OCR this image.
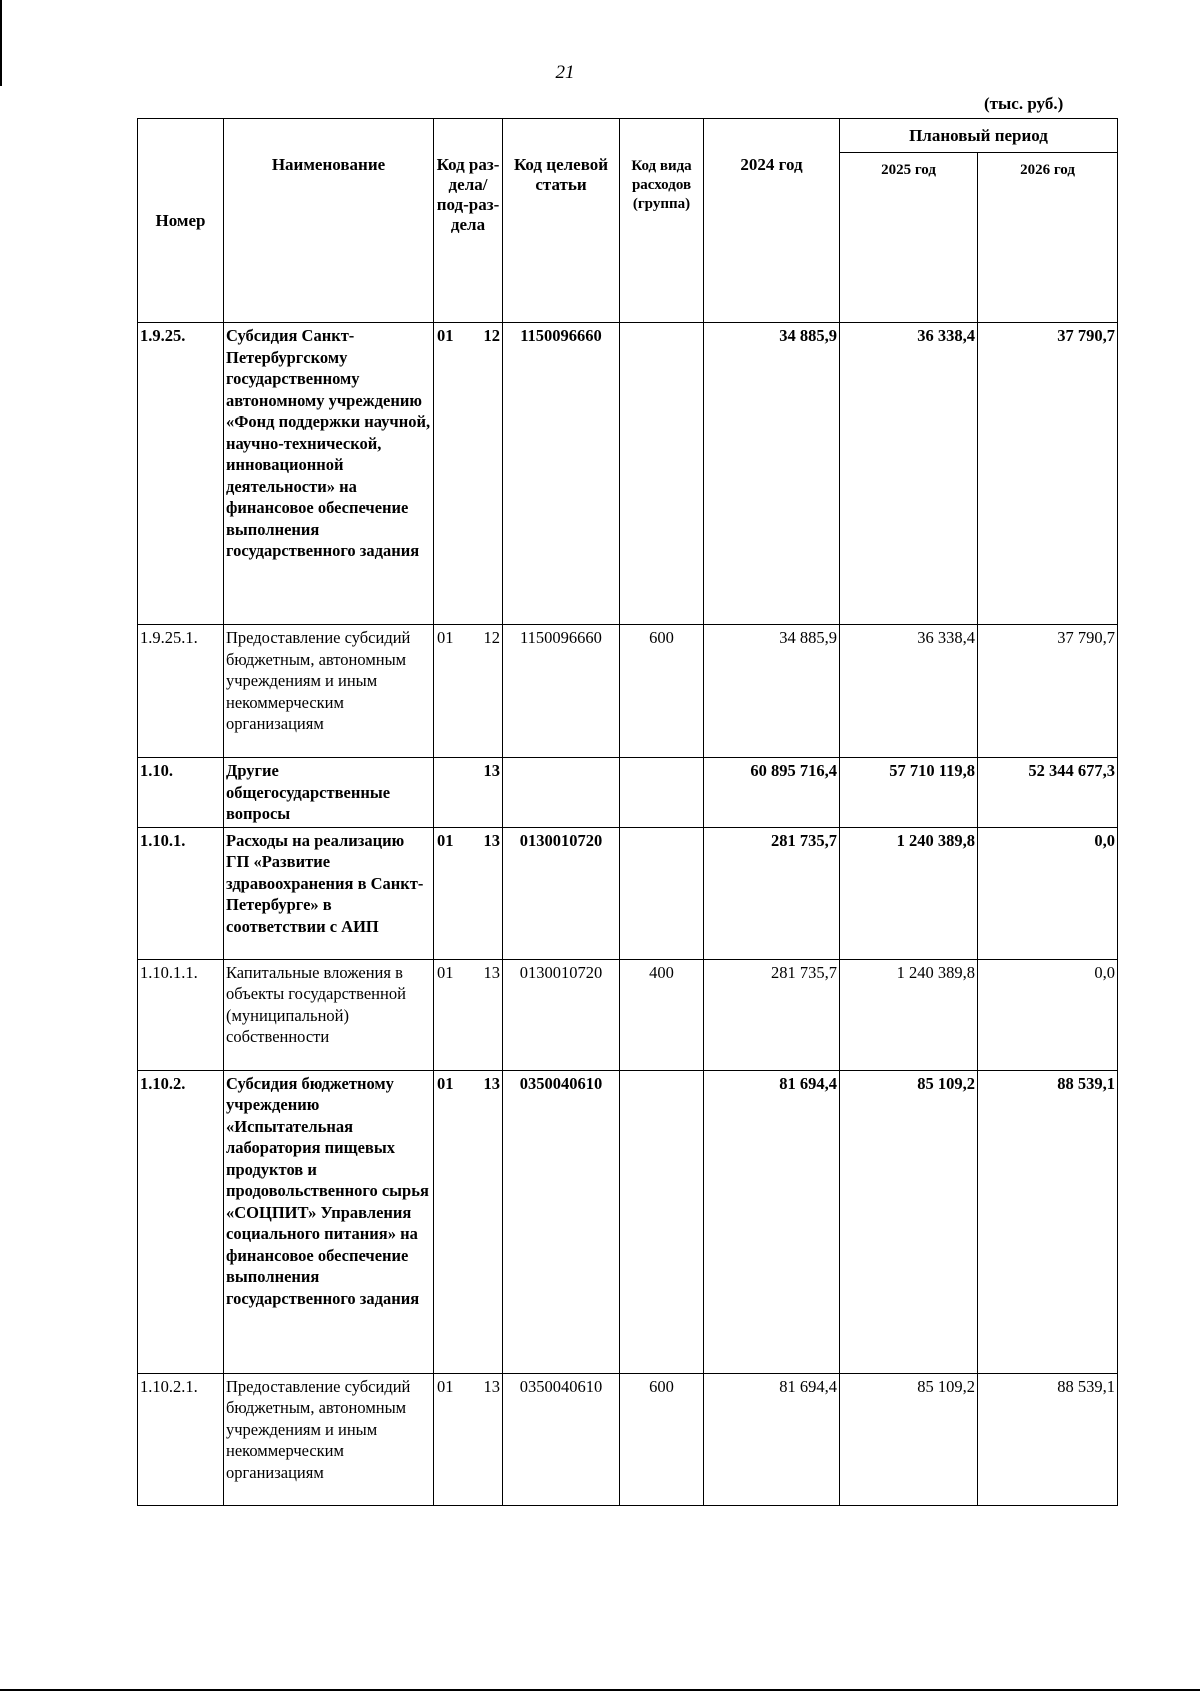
21
(тыс. руб.)
Номер	Наименование	Код раз-дела/ под-раз-дела	Код целевой статьи	Код вида расходов (группа)	2024 год	Плановый период	
						2025 год	2026 год
1.9.25.	Субсидия Санкт-Петербургскому государственному автономному учреждению «Фонд поддержки научной, научно-технической, инновационной деятельности» на финансовое обеспечение выполнения государственного задания	01 12	1150096660		34 885,9	36 338,4	37 790,7
1.9.25.1.	Предоставление субсидий бюджетным, автономным учреждениям и иным некоммерческим организациям	01 12	1150096660	600	34 885,9	36 338,4	37 790,7
1.10.	Другие общегосударственные вопросы	13			60 895 716,4	57 710 119,8	52 344 677,3
1.10.1.	Расходы на реализацию ГП «Развитие здравоохранения в Санкт-Петербурге» в соответствии с АИП	01 13	0130010720		281 735,7	1 240 389,8	0,0
1.10.1.1.	Капитальные вложения в объекты государственной (муниципальной) собственности	01 13	0130010720	400	281 735,7	1 240 389,8	0,0
1.10.2.	Субсидия бюджетному учреждению «Испытательная лаборатория пищевых продуктов и продовольственного сырья «СОЦПИТ» Управления социального питания» на финансовое обеспечение выполнения государственного задания	01 13	0350040610		81 694,4	85 109,2	88 539,1
1.10.2.1.	Предоставление субсидий бюджетным, автономным учреждениям и иным некоммерческим организациям	01 13	0350040610	600	81 694,4	85 109,2	88 539,1
